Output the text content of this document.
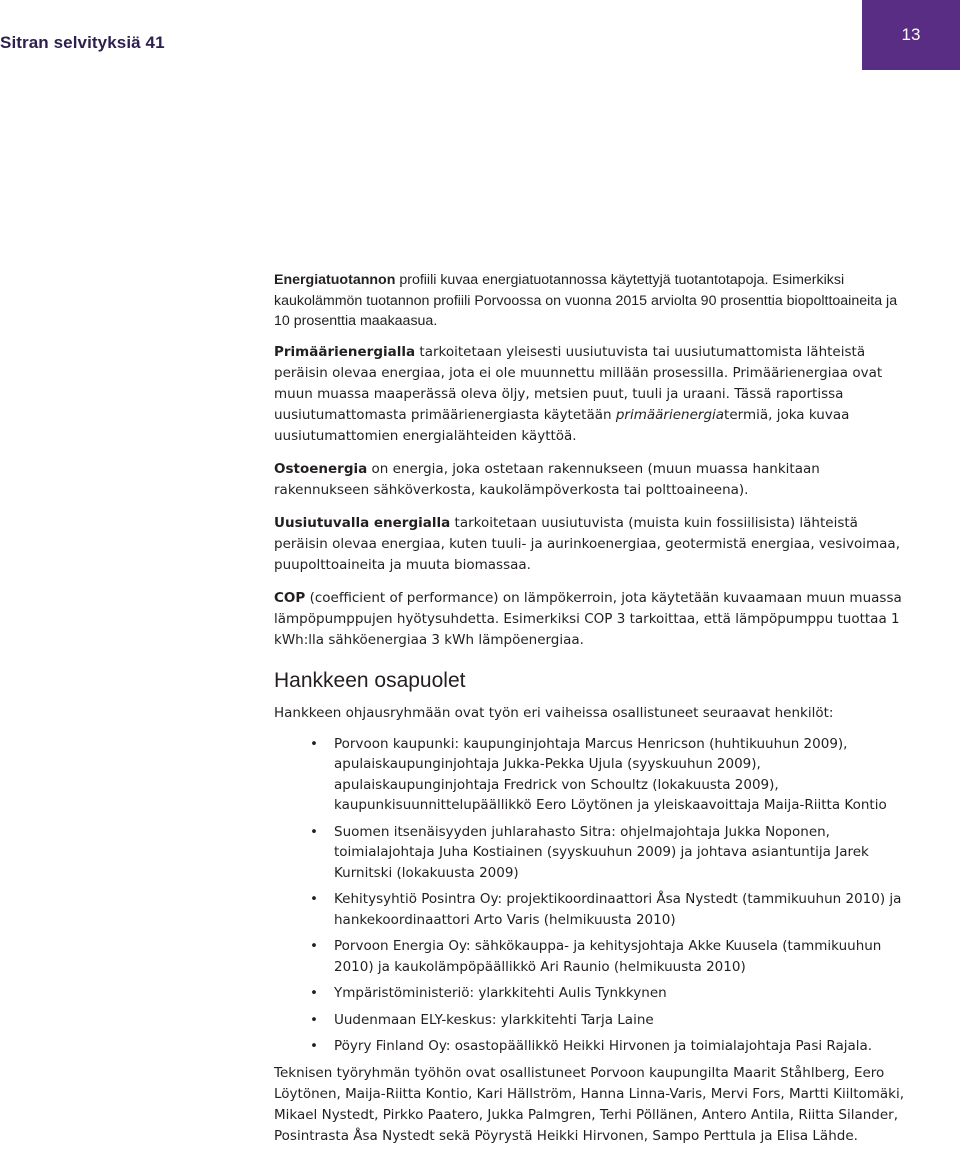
Sitran selvityksiä 41	13

Energiatuotannon profiili kuvaa energiatuotannossa käytettyjä tuotantotapoja. Esimerkiksi kaukolämmön tuotannon profiili Porvoossa on vuonna 2015 arviolta 90 prosenttia biopolttoaineita ja 10 prosenttia maakaasua.

Primäärienergialla tarkoitetaan yleisesti uusiutuvista tai uusiutumattomista lähteistä peräisin olevaa energiaa, jota ei ole muunnettu millään prosessilla. Primäärienergiaa ovat muun muassa maaperässä oleva öljy, metsien puut, tuuli ja uraani. Tässä raportissa uusiutumattomasta primäärienergiasta käytetään primäärienergiatermiä, joka kuvaa uusiutumattomien energialähteiden käyttöä.

Ostoenergia on energia, joka ostetaan rakennukseen (muun muassa hankitaan rakennukseen sähköverkosta, kaukolämpöverkosta tai polttoaineena).

Uusiutuvalla energialla tarkoitetaan uusiutuvista (muista kuin fossiilisista) lähteistä peräisin olevaa energiaa, kuten tuuli- ja aurinkoenergiaa, geotermistä energiaa, vesivoimaa, puupolttoaineita ja muuta biomassaa.

COP (coefficient of performance) on lämpökerroin, jota käytetään kuvaamaan muun muassa lämpöpumppujen hyötysuhdetta. Esimerkiksi COP 3 tarkoittaa, että lämpöpumppu tuottaa 1 kWh:lla sähköenergiaa 3 kWh lämpöenergiaa.

Hankkeen osapuolet

Hankkeen ohjausryhmään ovat työn eri vaiheissa osallistuneet seuraavat henkilöt:

• Porvoon kaupunki: kaupunginjohtaja Marcus Henricson (huhtikuuhun 2009), apulaiskaupunginjohtaja Jukka-Pekka Ujula (syyskuuhun 2009), apulaiskaupunginjohtaja Fredrick von Schoultz (lokakuusta 2009), kaupunkisuunnittelupäällikkö Eero Löytönen ja yleiskaavoittaja Maija-Riitta Kontio
• Suomen itsenäisyyden juhlarahasto Sitra: ohjelmajohtaja Jukka Noponen, toimialajohtaja Juha Kostiainen (syyskuuhun 2009) ja johtava asiantuntija Jarek Kurnitski (lokakuusta 2009)
• Kehitysyhtiö Posintra Oy: projektikoordinaattori Åsa Nystedt (tammikuuhun 2010) ja hankekoordinaattori Arto Varis (helmikuusta 2010)
• Porvoon Energia Oy: sähkökauppa- ja kehitysjohtaja Akke Kuusela (tammikuuhun 2010) ja kaukolämpöpäällikkö Ari Raunio (helmikuusta 2010)
• Ympäristöministeriö: ylarkkitehti Aulis Tynkkynen
• Uudenmaan ELY-keskus: ylarkkitehti Tarja Laine
• Pöyry Finland Oy: osastopäällikkö Heikki Hirvonen ja toimialajohtaja Pasi Rajala.

Teknisen työryhmän työhön ovat osallistuneet Porvoon kaupungilta Maarit Ståhlberg, Eero Löytönen, Maija-Riitta Kontio, Kari Hällström, Hanna Linna-Varis, Mervi Fors, Martti Kiiltomäki, Mikael Nystedt, Pirkko Paatero, Jukka Palmgren, Terhi Pöllänen, Antero Antila, Riitta Silander, Posintrasta Åsa Nystedt sekä Pöyrystä Heikki Hirvonen, Sampo Perttula ja Elisa Lähde.
